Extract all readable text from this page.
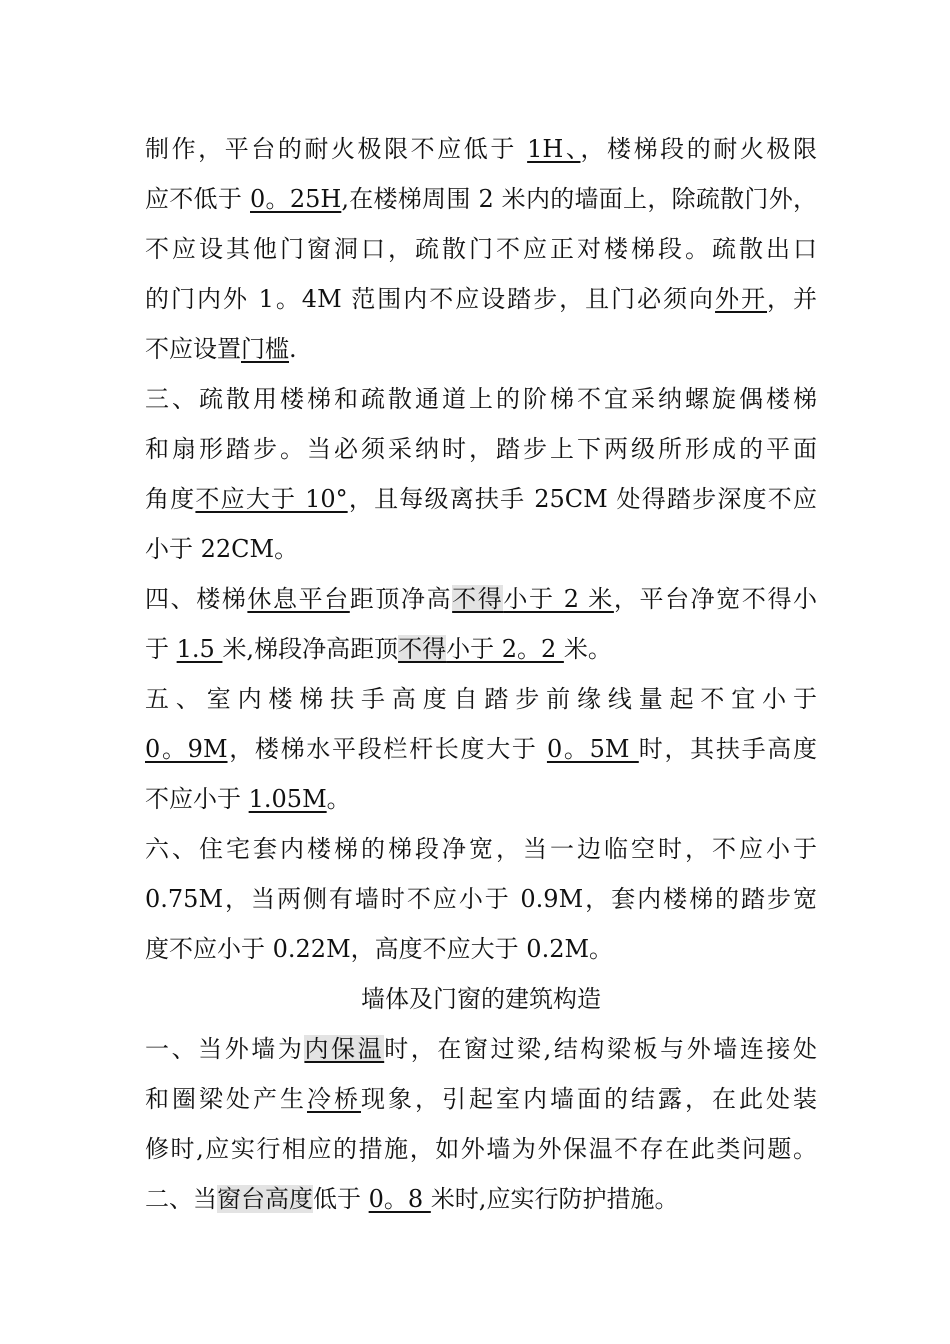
制作，平台的耐火极限不应低于 1H、，楼梯段的耐火极限
应不低于 0。25H,在楼梯周围 2 米内的墙面上，除疏散门外，
不应设其他门窗洞口，疏散门不应正对楼梯段。疏散出口
的门内外 1。4M 范围内不应设踏步，且门必须向外开，并
不应设置门槛.
三、疏散用楼梯和疏散通道上的阶梯不宜采纳螺旋偶楼梯
和扇形踏步。当必须采纳时，踏步上下两级所形成的平面
角度不应大于 10°，且每级离扶手 25CM 处得踏步深度不应
小于 22CM。
四、楼梯休息平台距顶净高不得小于 2 米，平台净宽不得小
于 1.5 米,梯段净高距顶不得小于 2。2 米。
五、室内楼梯扶手高度自踏步前缘线量起不宜小于
0。9M，楼梯水平段栏杆长度大于 0。5M 时，其扶手高度
不应小于 1.05M。
六、住宅套内楼梯的梯段净宽，当一边临空时，不应小于
0.75M，当两侧有墙时不应小于 0.9M，套内楼梯的踏步宽
度不应小于 0.22M，高度不应大于 0.2M。
墙体及门窗的建筑构造
一、当外墙为内保温时，在窗过梁,结构梁板与外墙连接处
和圈梁处产生冷桥现象，引起室内墙面的结露，在此处装
修时,应实行相应的措施，如外墙为外保温不存在此类问题。
二、当窗台高度低于 0。8 米时,应实行防护措施。
